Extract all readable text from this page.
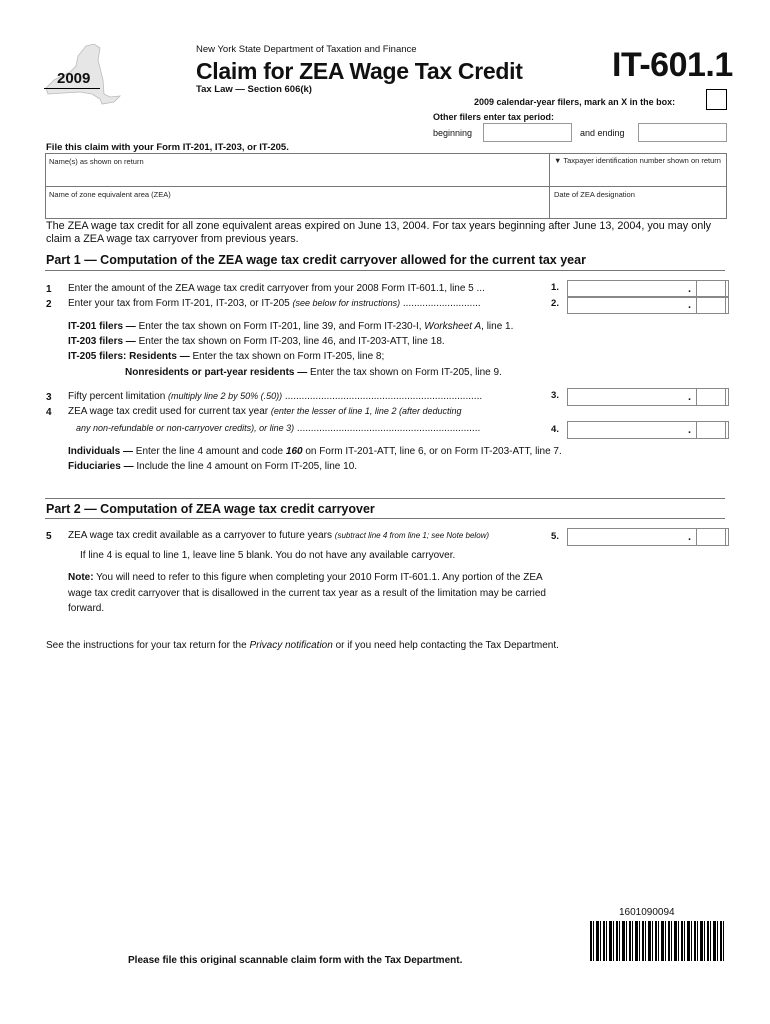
2009
New York State Department of Taxation and Finance
Claim for ZEA Wage Tax Credit
Tax Law — Section 606(k)
IT-601.1
2009 calendar-year filers, mark an X in the box:
Other filers enter tax period:
beginning	and ending
File this claim with your Form IT-201, IT-203, or IT-205.
Name(s) as shown on return	▼ Taxpayer identification number shown on return
Name of zone equivalent area (ZEA)	Date of ZEA designation
The ZEA wage tax credit for all zone equivalent areas expired on June 13, 2004. For tax years beginning after June 13, 2004, you may only claim a ZEA wage tax carryover from previous years.
Part 1 — Computation of the ZEA wage tax credit carryover allowed for the current tax year
1 Enter the amount of the ZEA wage tax credit carryover from your 2008 Form IT-601.1, line 5 ...	1.	.
2 Enter your tax from Form IT-201, IT-203, or IT-205 (see below for instructions) ............................	2.	.
IT-201 filers — Enter the tax shown on Form IT-201, line 39, and Form IT-230-I, Worksheet A, line 1.
IT-203 filers — Enter the tax shown on Form IT-203, line 46, and IT-203-ATT, line 18.
IT-205 filers: Residents — Enter the tax shown on Form IT-205, line 8;
Nonresidents or part-year residents — Enter the tax shown on Form IT-205, line 9.
3 Fifty percent limitation (multiply line 2 by 50% (.50)) .......................................................................	3.	.
4 ZEA wage tax credit used for current tax year (enter the lesser of line 1, line 2 (after deducting
any non-refundable or non-carryover credits), or line 3) ..................................................................	4.	.
Individuals — Enter the line 4 amount and code 160 on Form IT-201-ATT, line 6, or on Form IT-203-ATT, line 7.
Fiduciaries — Include the line 4 amount on Form IT-205, line 10.
Part 2 — Computation of ZEA wage tax credit carryover
5 ZEA wage tax credit available as a carryover to future years (subtract line 4 from line 1; see Note below)	5.	.
If line 4 is equal to line 1, leave line 5 blank. You do not have any available carryover.
Note: You will need to refer to this figure when completing your 2010 Form IT-601.1. Any portion of the ZEA wage tax credit carryover that is disallowed in the current tax year as a result of the limitation may be carried forward.
See the instructions for your tax return for the Privacy notification or if you need help contacting the Tax Department.
1601090094
Please file this original scannable claim form with the Tax Department.
